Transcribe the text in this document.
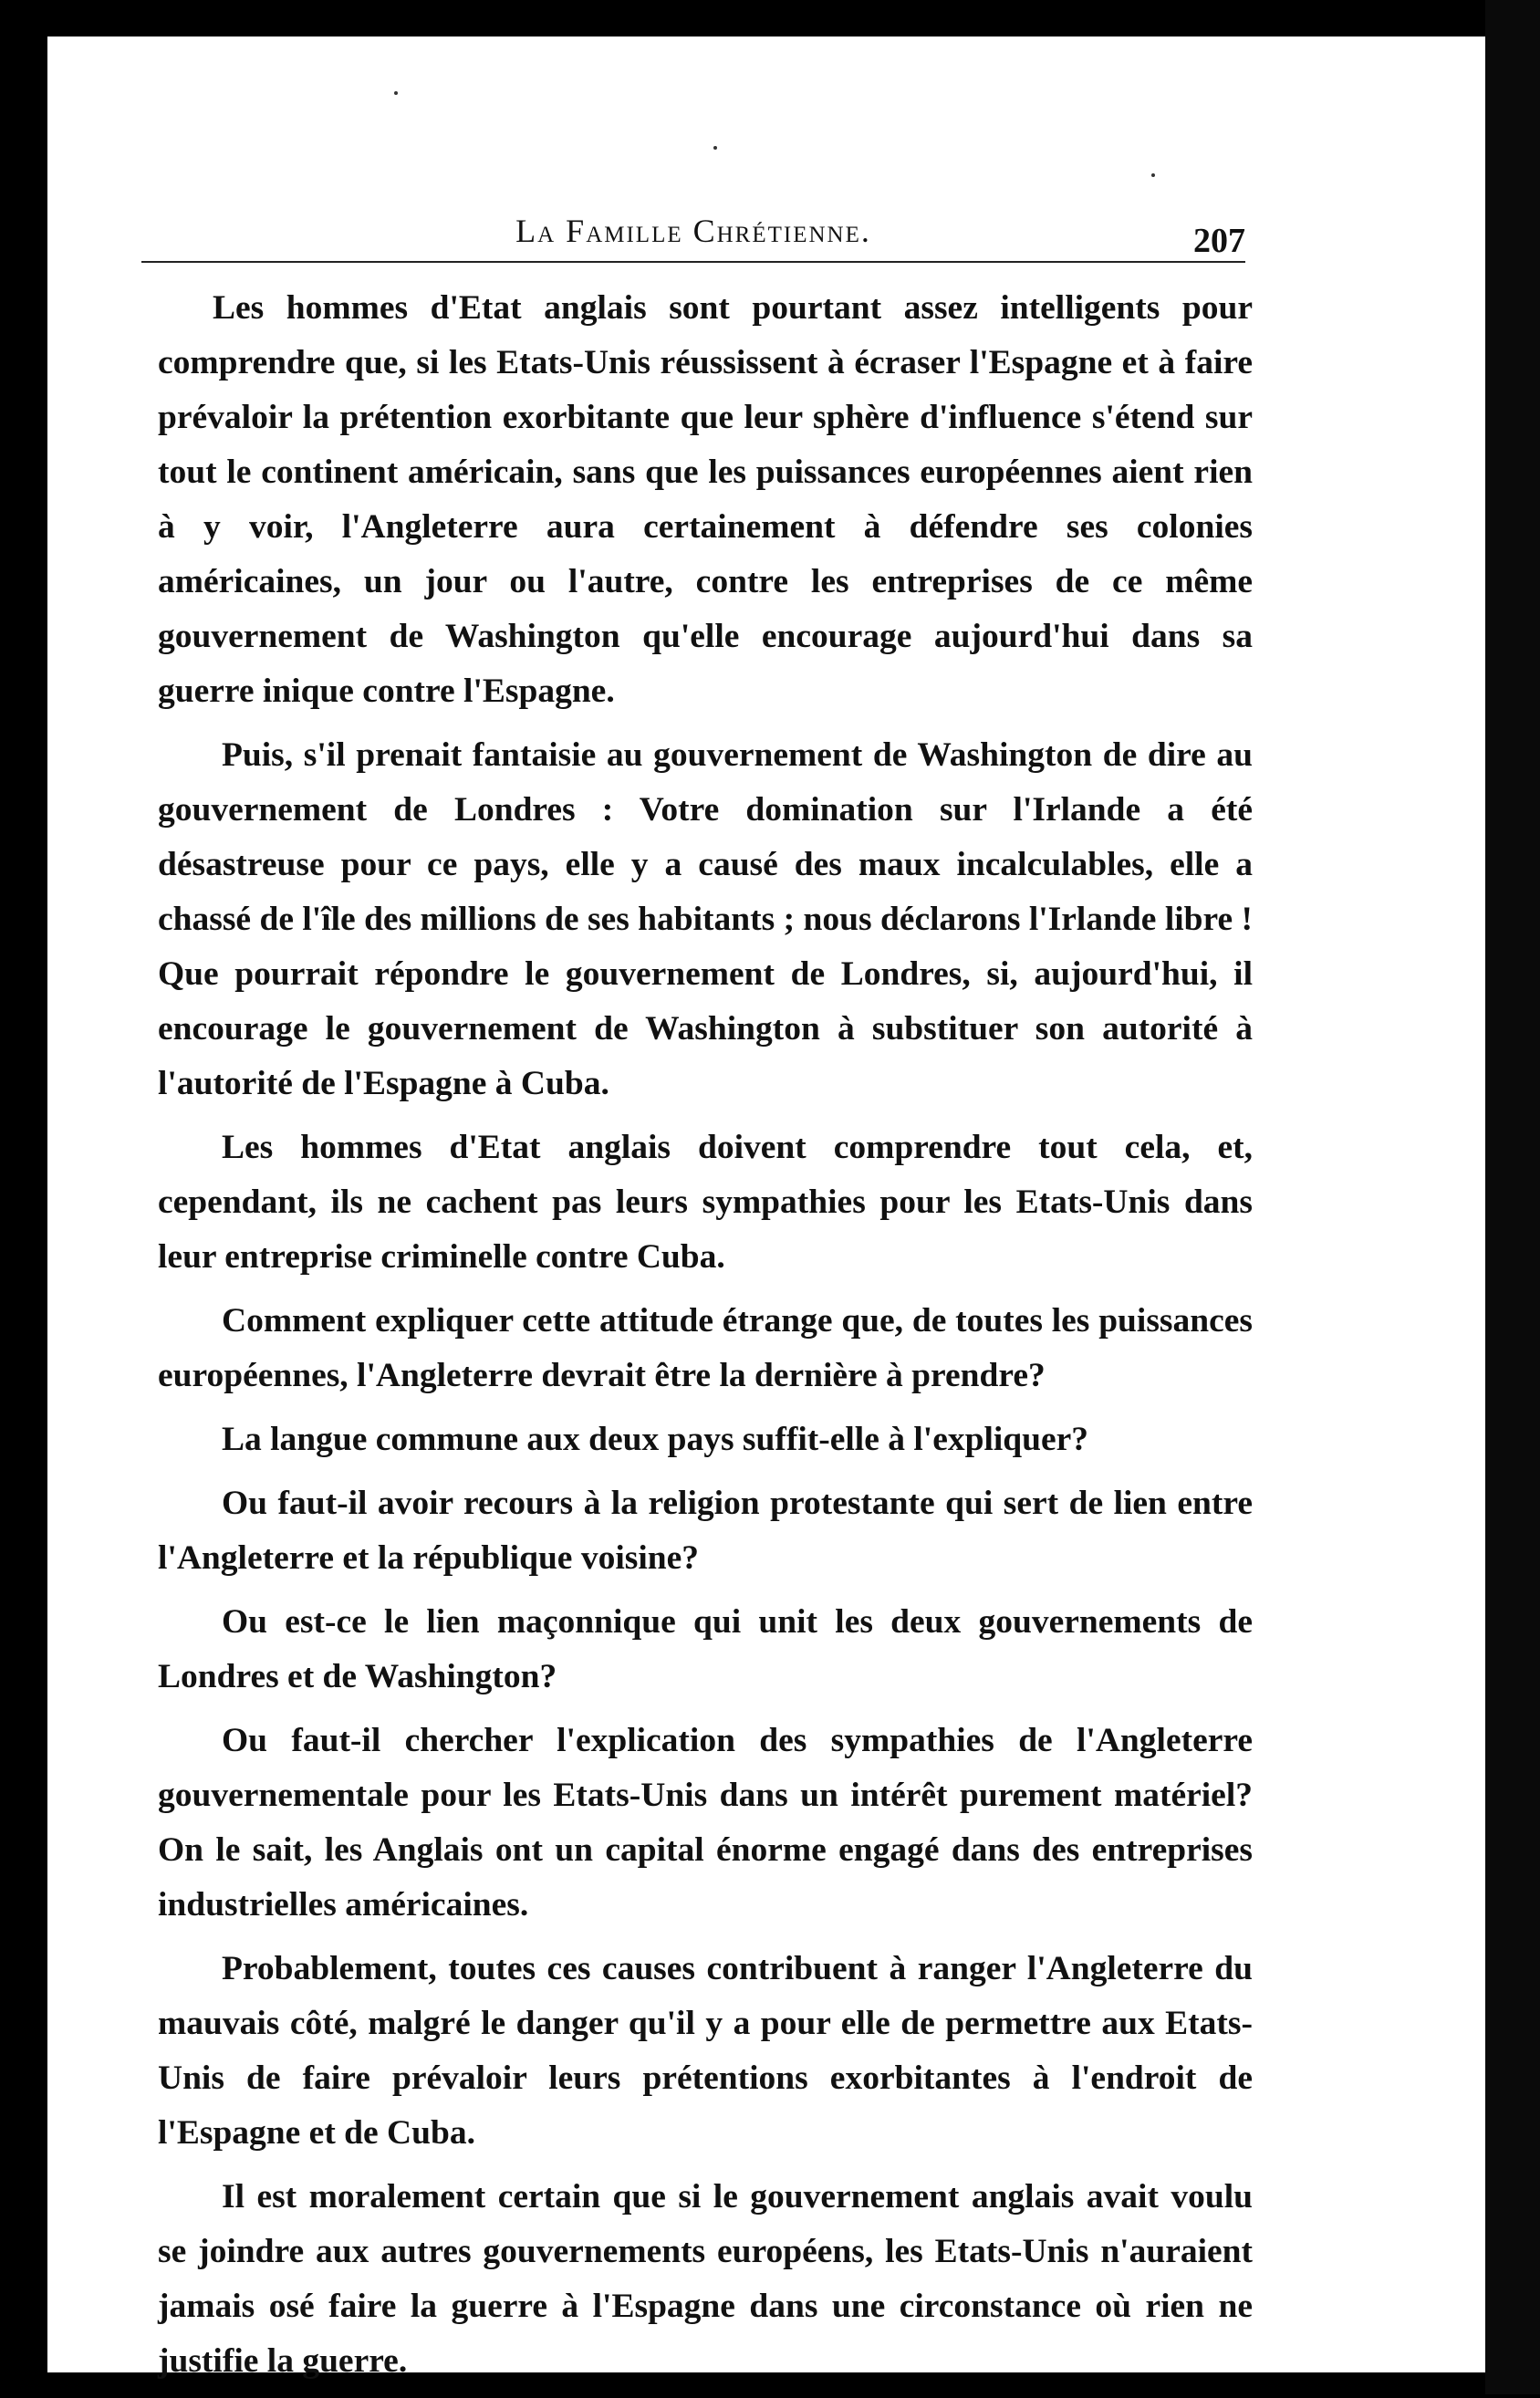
La Famille Chrétienne.	207

Les hommes d'Etat anglais sont pourtant assez intelligents pour comprendre que, si les Etats-Unis réussissent à écraser l'Espagne et à faire prévaloir la prétention exorbitante que leur sphère d'influence s'étend sur tout le continent américain, sans que les puissances européennes aient rien à y voir, l'Angleterre aura certainement à défendre ses colonies américaines, un jour ou l'autre, contre les entreprises de ce même gouvernement de Washington qu'elle encourage aujourd'hui dans sa guerre inique contre l'Espagne.

Puis, s'il prenait fantaisie au gouvernement de Washington de dire au gouvernement de Londres : Votre domination sur l'Irlande a été désastreuse pour ce pays, elle y a causé des maux incalculables, elle a chassé de l'île des millions de ses habitants ; nous déclarons l'Irlande libre ! Que pourrait répondre le gouvernement de Londres, si, aujourd'hui, il encourage le gouvernement de Washington à substituer son autorité à l'autorité de l'Espagne à Cuba.

Les hommes d'Etat anglais doivent comprendre tout cela, et, cependant, ils ne cachent pas leurs sympathies pour les Etats-Unis dans leur entreprise criminelle contre Cuba.

Comment expliquer cette attitude étrange que, de toutes les puissances européennes, l'Angleterre devrait être la dernière à prendre?

La langue commune aux deux pays suffit-elle à l'expliquer?

Ou faut-il avoir recours à la religion protestante qui sert de lien entre l'Angleterre et la république voisine?

Ou est-ce le lien maçonnique qui unit les deux gouvernements de Londres et de Washington?

Ou faut-il chercher l'explication des sympathies de l'Angleterre gouvernementale pour les Etats-Unis dans un intérêt purement matériel? On le sait, les Anglais ont un capital énorme engagé dans des entreprises industrielles américaines.

Probablement, toutes ces causes contribuent à ranger l'Angleterre du mauvais côté, malgré le danger qu'il y a pour elle de permettre aux Etats-Unis de faire prévaloir leurs prétentions exorbitantes à l'endroit de l'Espagne et de Cuba.

Il est moralement certain que si le gouvernement anglais avait voulu se joindre aux autres gouvernements européens, les Etats-Unis n'auraient jamais osé faire la guerre à l'Espagne dans une circonstance où rien ne justifie la guerre.
